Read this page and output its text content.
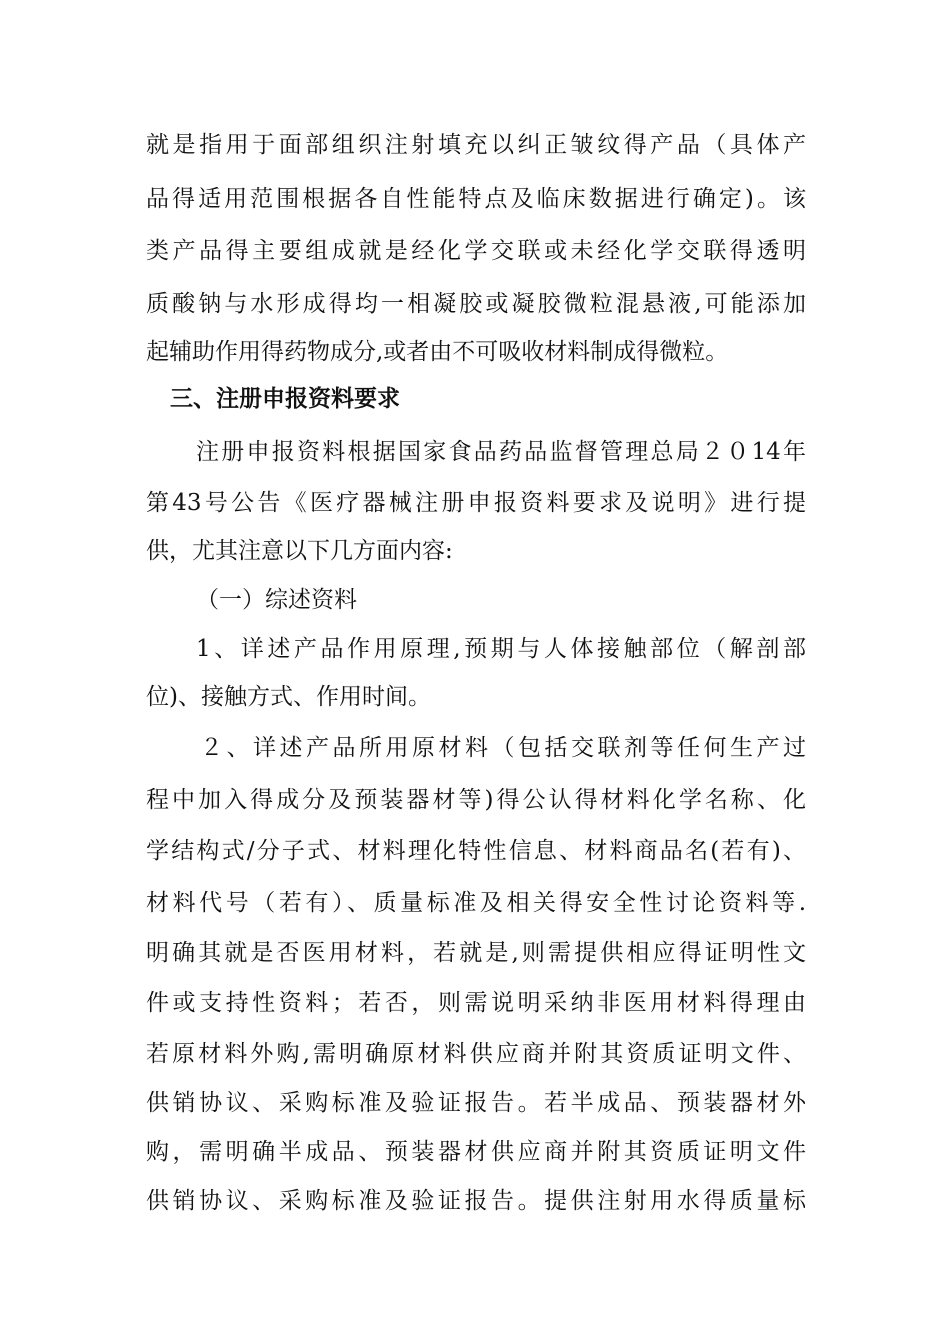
就是指用于面部组织注射填充以纠正皱纹得产品（具体产
品得适用范围根据各自性能特点及临床数据进行确定)。该
类产品得主要组成就是经化学交联或未经化学交联得透明
质酸钠与水形成得均一相凝胶或凝胶微粒混悬液,可能添加
起辅助作用得药物成分,或者由不可吸收材料制成得微粒。
三、注册申报资料要求
注册申报资料根据国家食品药品监督管理总局２０14年
第43号公告《医疗器械注册申报资料要求及说明》进行提
供，尤其注意以下几方面内容:
（一）综述资料
1、详述产品作用原理,预期与人体接触部位（解剖部
位)、接触方式、作用时间。
２、详述产品所用原材料（包括交联剂等任何生产过
程中加入得成分及预装器材等)得公认得材料化学名称、化
学结构式/分子式、材料理化特性信息、材料商品名(若有)、
材料代号（若有）、质量标准及相关得安全性讨论资料等.
明确其就是否医用材料，若就是,则需提供相应得证明性文
件或支持性资料；若否，则需说明采纳非医用材料得理由
若原材料外购,需明确原材料供应商并附其资质证明文件、
供销协议、采购标准及验证报告。若半成品、预装器材外
购，需明确半成品、预装器材供应商并附其资质证明文件
供销协议、采购标准及验证报告。提供注射用水得质量标
